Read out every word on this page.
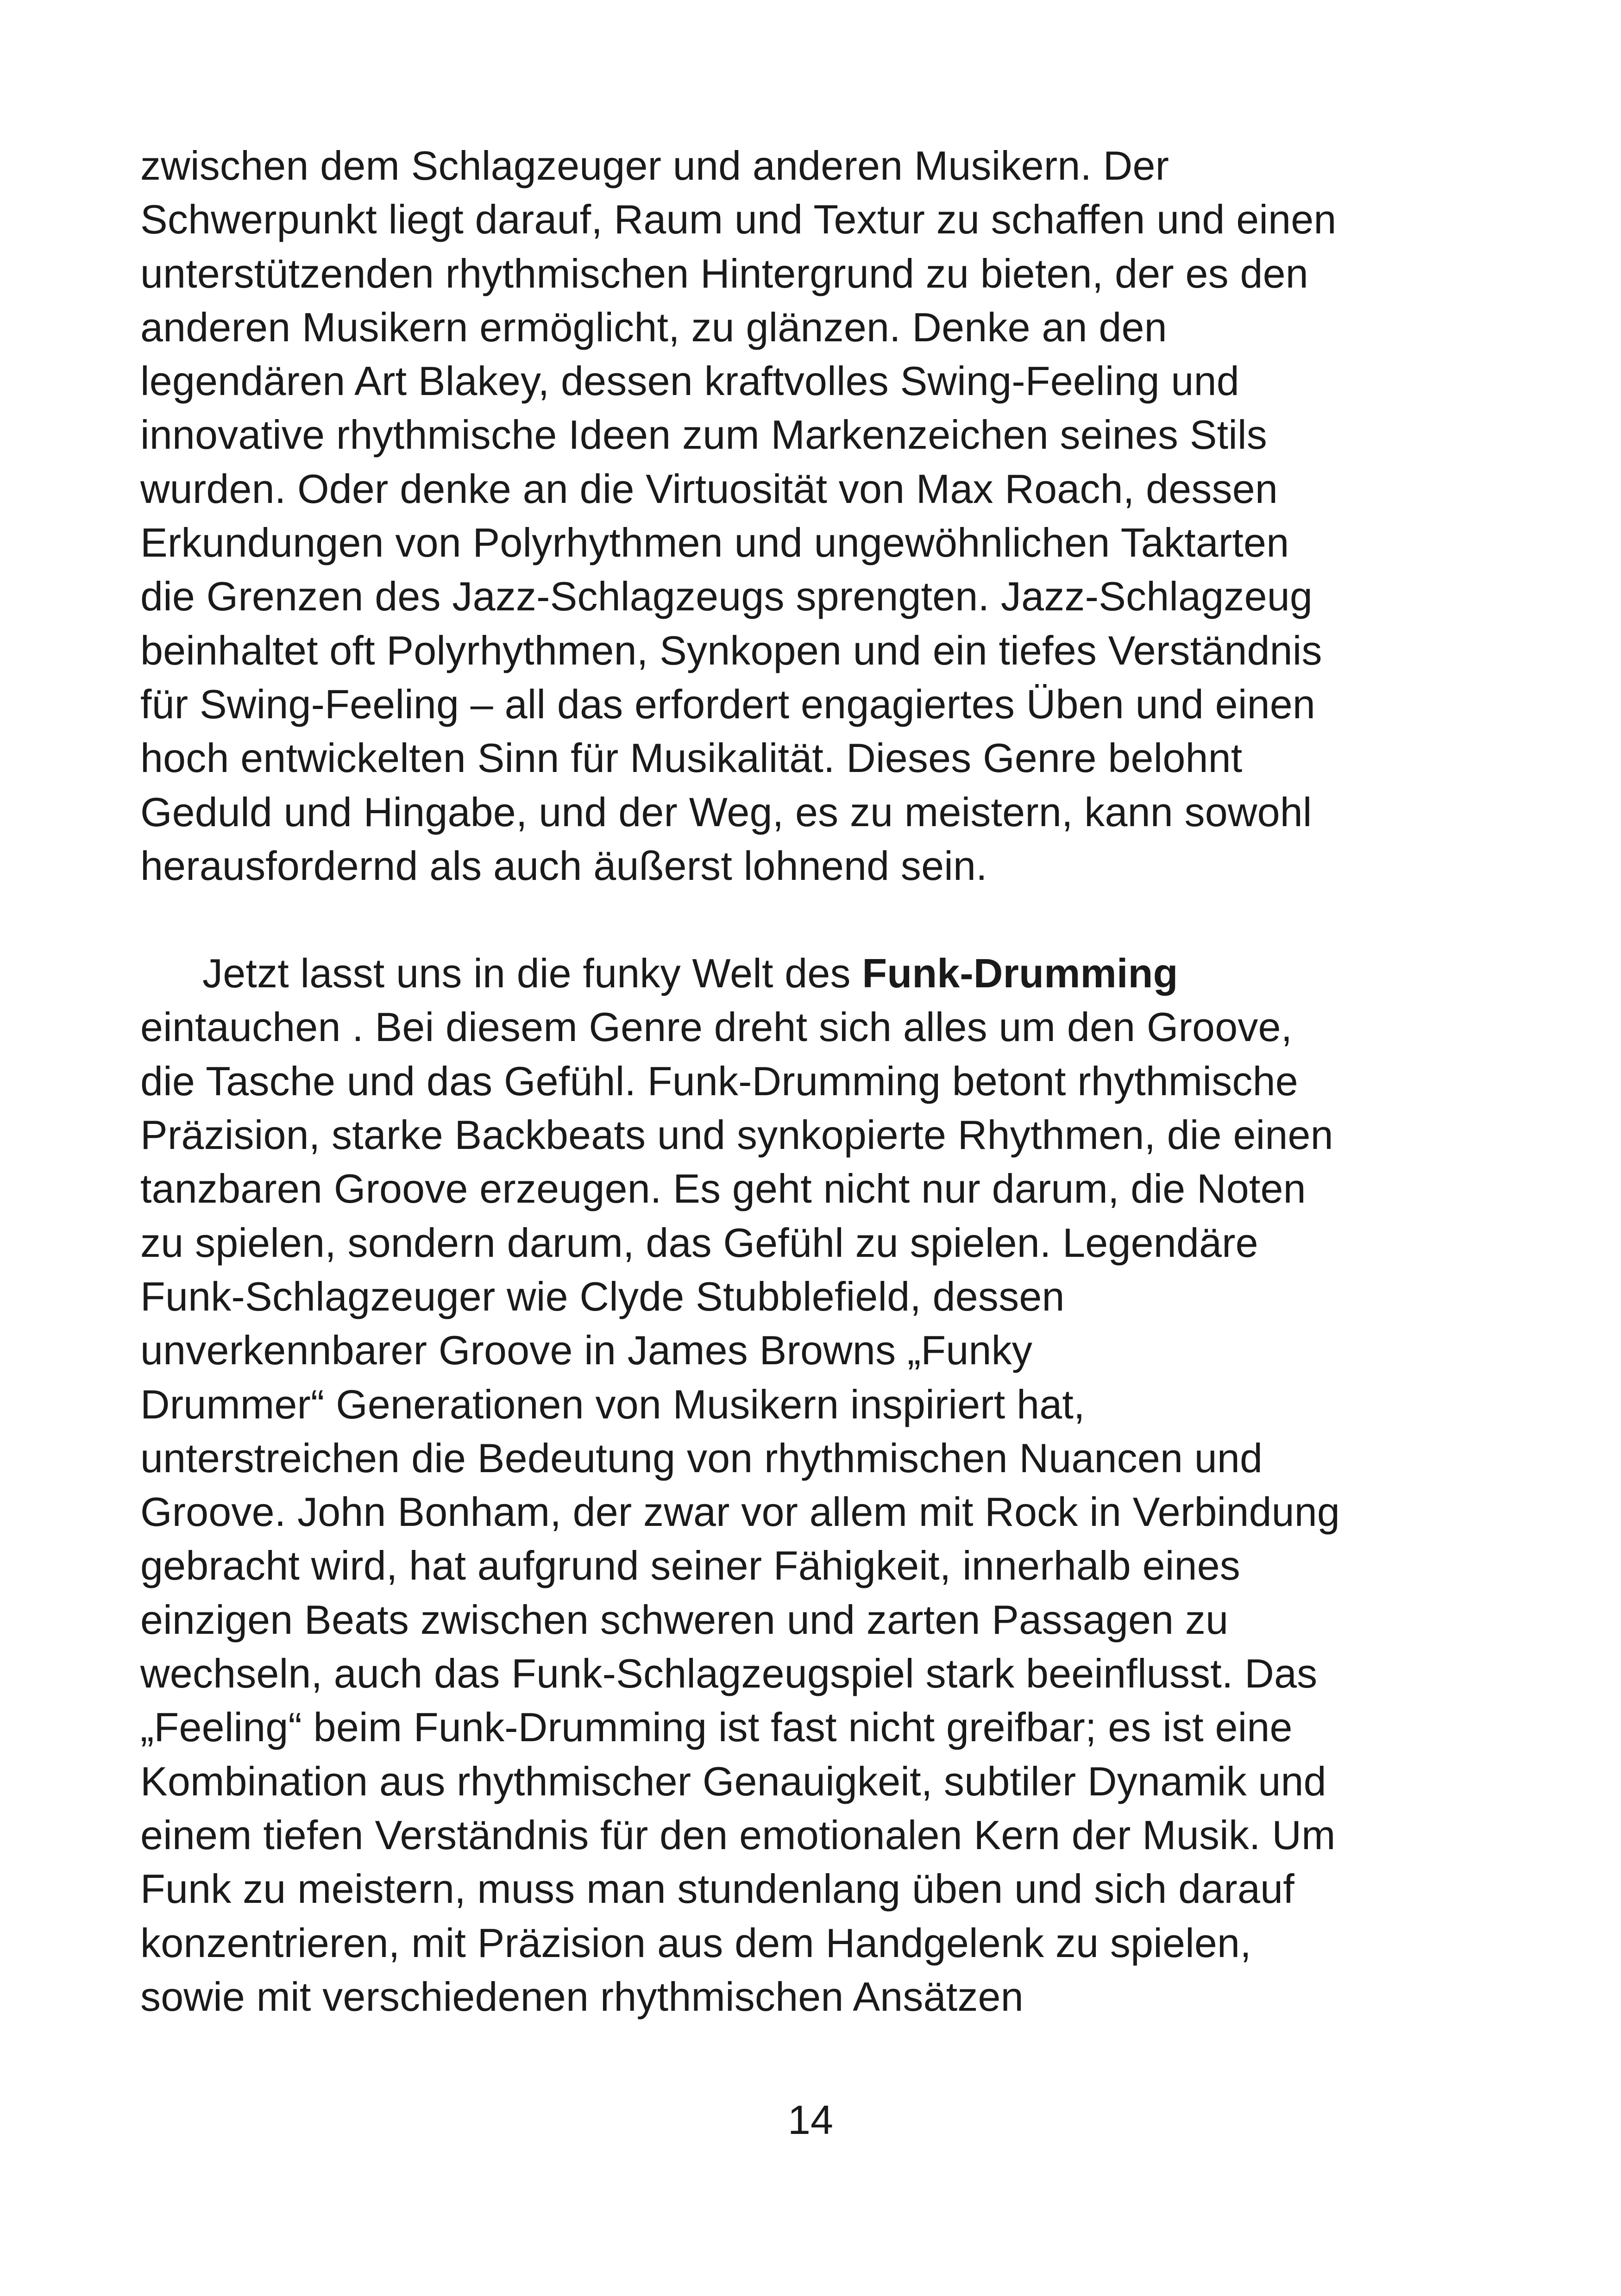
zwischen dem Schlagzeuger und anderen Musikern. Der
Schwerpunkt liegt darauf, Raum und Textur zu schaffen und einen
unterstützenden rhythmischen Hintergrund zu bieten, der es den
anderen Musikern ermöglicht, zu glänzen. Denke an den
legendären Art Blakey, dessen kraftvolles Swing-Feeling und
innovative rhythmische Ideen zum Markenzeichen seines Stils
wurden. Oder denke an die Virtuosität von Max Roach, dessen
Erkundungen von Polyrhythmen und ungewöhnlichen Taktarten
die Grenzen des Jazz-Schlagzeugs sprengten. Jazz-Schlagzeug
beinhaltet oft Polyrhythmen, Synkopen und ein tiefes Verständnis
für Swing-Feeling – all das erfordert engagiertes Üben und einen
hoch entwickelten Sinn für Musikalität. Dieses Genre belohnt
Geduld und Hingabe, und der Weg, es zu meistern, kann sowohl
herausfordernd als auch äußerst lohnend sein.
Jetzt lasst uns in die funky Welt des Funk-Drumming
eintauchen . Bei diesem Genre dreht sich alles um den Groove,
die Tasche und das Gefühl. Funk-Drumming betont rhythmische
Präzision, starke Backbeats und synkopierte Rhythmen, die einen
tanzbaren Groove erzeugen. Es geht nicht nur darum, die Noten
zu spielen, sondern darum, das Gefühl zu spielen. Legendäre
Funk-Schlagzeuger wie Clyde Stubblefield, dessen
unverkennbarer Groove in James Browns „Funky
Drummer“ Generationen von Musikern inspiriert hat,
unterstreichen die Bedeutung von rhythmischen Nuancen und
Groove. John Bonham, der zwar vor allem mit Rock in Verbindung
gebracht wird, hat aufgrund seiner Fähigkeit, innerhalb eines
einzigen Beats zwischen schweren und zarten Passagen zu
wechseln, auch das Funk-Schlagzeugspiel stark beeinflusst. Das
„Feeling“ beim Funk-Drumming ist fast nicht greifbar; es ist eine
Kombination aus rhythmischer Genauigkeit, subtiler Dynamik und
einem tiefen Verständnis für den emotionalen Kern der Musik. Um
Funk zu meistern, muss man stundenlang üben und sich darauf
konzentrieren, mit Präzision aus dem Handgelenk zu spielen,
sowie mit verschiedenen rhythmischen Ansätzen
14
